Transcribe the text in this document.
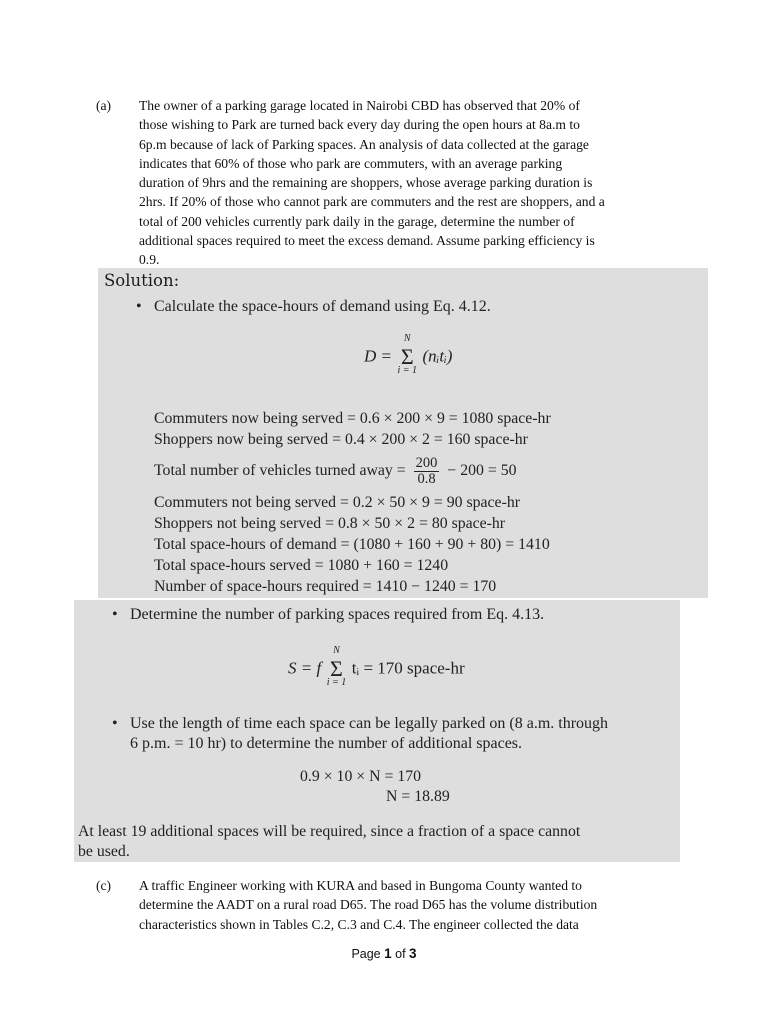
(a) The owner of a parking garage located in Nairobi CBD has observed that 20% of
those wishing to Park are turned back every day during the open hours at 8a.m to
6p.m because of lack of Parking spaces. An analysis of data collected at the garage
indicates that 60% of those who park are commuters, with an average parking
duration of 9hrs and the remaining are shoppers, whose average parking duration is
2hrs. If 20% of those who cannot park are commuters and the rest are shoppers, and a
total of 200 vehicles currently park daily in the garage, determine the number of
additional spaces required to meet the excess demand. Assume parking efficiency is
0.9.
Solution:
• Calculate the space-hours of demand using Eq. 4.12.
D =
N
Σ
i = 1
(nᵢtᵢ)
Commuters now being served = 0.6 × 200 × 9 = 1080 space-hr
Shoppers now being served = 0.4 × 200 × 2 = 160 space-hr
Total number of vehicles turned away = $\frac{200}{0.8} - 200 = 50$
Commuters not being served = 0.2 × 50 × 9 = 90 space-hr
Shoppers not being served = 0.8 × 50 × 2 = 80 space-hr
Total space-hours of demand = (1080 + 160 + 90 + 80) = 1410
Total space-hours served = 1080 + 160 = 1240
Number of space-hours required = 1410 − 1240 = 170
• Determine the number of parking spaces required from Eq. 4.13.
S = f
N
Σ
i = 1
tᵢ = 170 space-hr
• Use the length of time each space can be legally parked on (8 a.m. through
6 p.m. = 10 hr) to determine the number of additional spaces.
0.9 × 10 × N = 170
N = 18.89
At least 19 additional spaces will be required, since a fraction of a space cannot
be used.
(c) A traffic Engineer working with KURA and based in Bungoma County wanted to
determine the AADT on a rural road D65. The road D65 has the volume distribution
characteristics shown in Tables C.2, C.3 and C.4. The engineer collected the data
Page 1 of 3
